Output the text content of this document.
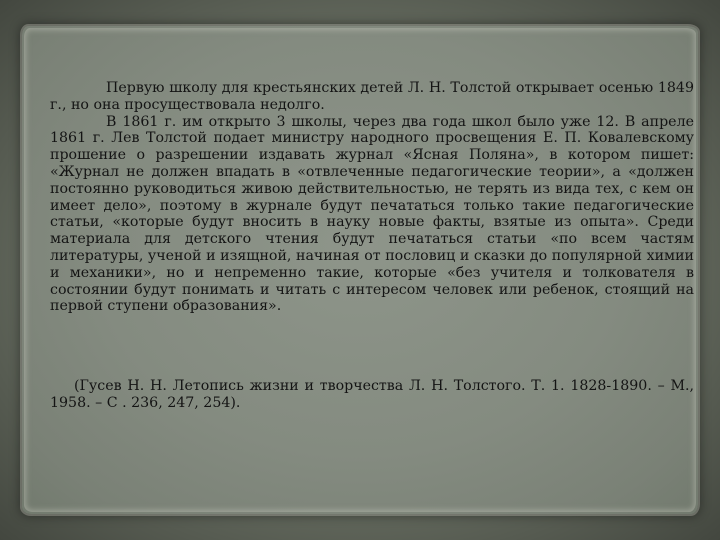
Первую школу для крестьянских детей Л. Н. Толстой открывает осенью 1849 г., но она просуществовала недолго.

В 1861 г. им открыто 3 школы, через два года школ было уже 12. В апреле 1861 г. Лев Толстой подает министру народного просвещения Е. П. Ковалевскому прошение о разрешении издавать журнал «Ясная Поляна», в котором пишет: «Журнал не должен впадать в «отвлеченные педагогические теории», а «должен постоянно руководиться живою действительностью, не терять из вида тех, с кем он имеет дело», поэтому в журнале будут печататься только такие педагогические статьи, «которые будут вносить в науку новые факты, взятые из опыта». Среди материала для детского чтения будут печататься статьи «по всем частям литературы, ученой и изящной, начиная от пословиц и сказки до популярной химии и механики», но и непременно такие, которые «без учителя и толкователя в состоянии будут понимать и читать с интересом человек или ребенок, стоящий на первой ступени образования».

(Гусев Н. Н. Летопись жизни и творчества Л. Н. Толстого. Т. 1. 1828-1890. – М., 1958. – С . 236, 247, 254).
